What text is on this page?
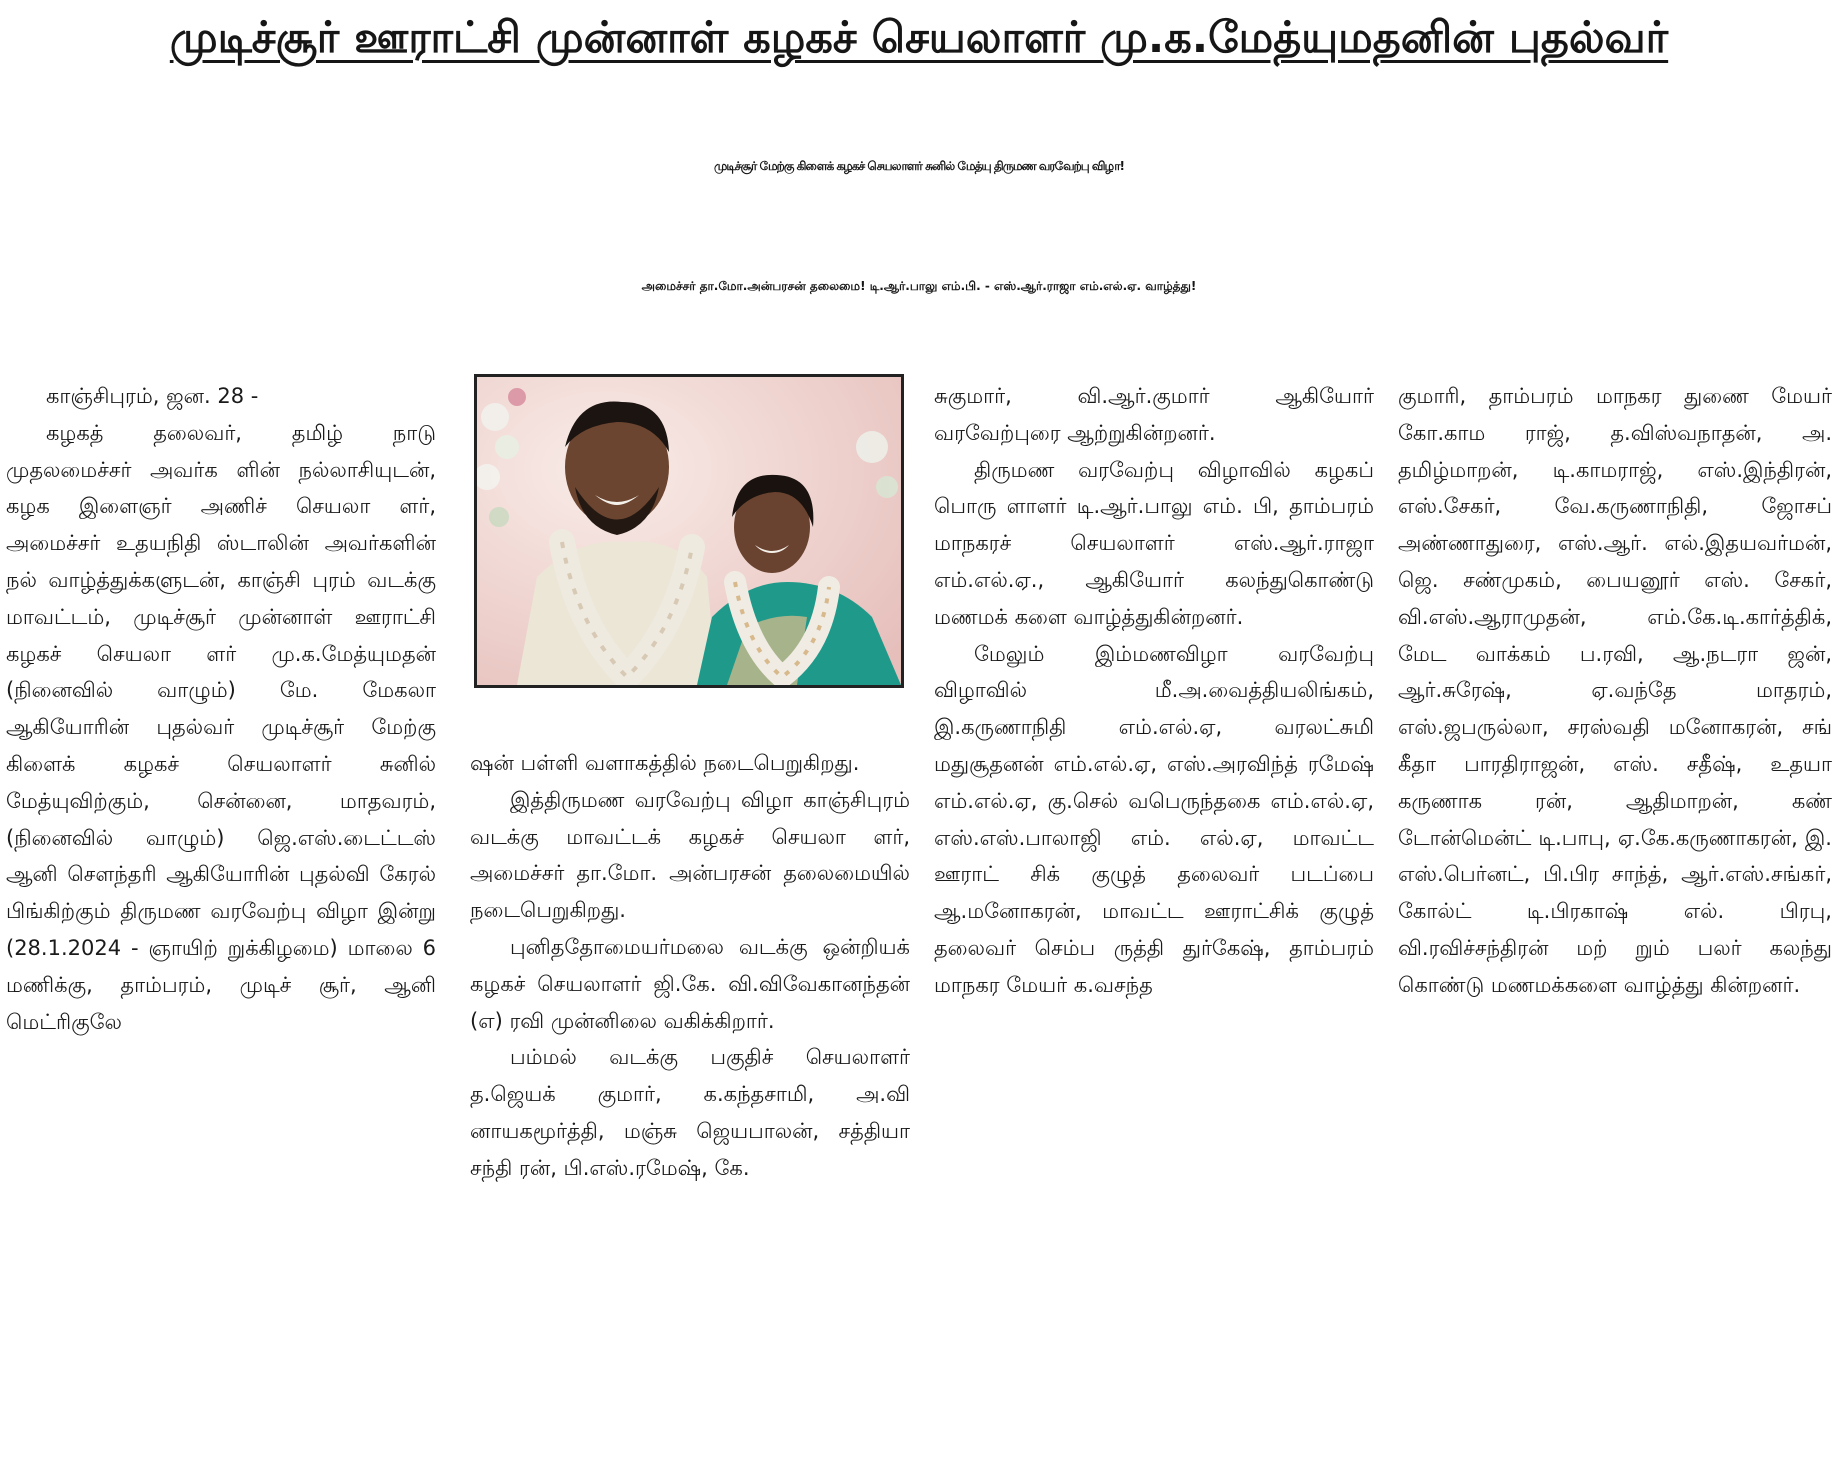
முடிச்சூர் ஊராட்சி முன்னாள் கழகச் செயலாளர் மு.க.மேத்யுமதனின் புதல்வர்
முடிச்சூர் மேற்கு கிளைக் கழகச் செயலாளர் சுனில் மேத்யு திருமண வரவேற்பு விழா!
அமைச்சர் தா.மோ.அன்பரசன் தலைமை! டி.ஆர்.பாலு எம்.பி. - எஸ்.ஆர்.ராஜா எம்.எல்.ஏ. வாழ்த்து!

காஞ்சிபுரம், ஜன. 28 -

கழகத் தலைவர், தமிழ் நாடு முதலமைச்சர் அவர்க ளின் நல்லாசியுடன், கழக இளைஞர் அணிச் செயலா ளர், அமைச்சர் உதயநிதி ஸ்டாலின் அவர்களின் நல் வாழ்த்துக்களுடன், காஞ்சி புரம் வடக்கு மாவட்டம், முடிச்சூர் முன்னாள் ஊராட்சி கழகச் செயலா ளர் மு.க.மேத்யுமதன் (நினைவில் வாழும்) மே. மேகலா ஆகியோரின் புதல்வர் முடிச்சூர் மேற்கு கிளைக் கழகச் செயலாளர் சுனில் மேத்யுவிற்கும், சென்னை, மாதவரம், (நினைவில் வாழும்) ஜெ.எஸ்.டைட்டஸ் ஆனி சௌந்தரி ஆகியோரின் புதல்வி கேரல் பிங்கிற்கும் திருமண வரவேற்பு விழா இன்று (28.1.2024 - ஞாயிற் றுக்கிழமை) மாலை 6 மணிக்கு, தாம்பரம், முடிச் சூர், ஆனி மெட்ரிகுலே

ஷன் பள்ளி வளாகத்தில் நடைபெறுகிறது.

இத்திருமண வரவேற்பு விழா காஞ்சிபுரம் வடக்கு மாவட்டக் கழகச் செயலா ளர், அமைச்சர் தா.மோ. அன்பரசன் தலைமையில் நடைபெறுகிறது.

புனிததோமையர்மலை வடக்கு ஒன்றியக் கழகச் செயலாளர் ஜி.கே. வி.விவேகானந்தன் (எ) ரவி முன்னிலை வகிக்கிறார்.

பம்மல் வடக்கு பகுதிச் செயலாளர் த.ஜெயக் குமார், க.கந்தசாமி, அ.வி னாயகமூர்த்தி, மஞ்சு ஜெயபாலன், சத்தியா சந்தி ரன், பி.எஸ்.ரமேஷ், கே.

சுகுமார், வி.ஆர்.குமார் ஆகியோர் வரவேற்புரை ஆற்றுகின்றனர்.

திருமண வரவேற்பு விழாவில் கழகப் பொரு ளாளர் டி.ஆர்.பாலு எம். பி, தாம்பரம் மாநகரச் செயலாளர் எஸ்.ஆர்.ராஜா எம்.எல்.ஏ., ஆகியோர் கலந்துகொண்டு மணமக் களை வாழ்த்துகின்றனர்.

மேலும் இம்மணவிழா வரவேற்பு விழாவில் மீ.அ.வைத்தியலிங்கம், இ.கருணாநிதி எம்.எல்.ஏ, வரலட்சுமி மதுசூதனன் எம்.எல்.ஏ, எஸ்.அரவிந்த் ரமேஷ் எம்.எல்.ஏ, கு.செல் வபெருந்தகை எம்.எல்.ஏ, எஸ்.எஸ்.பாலாஜி எம். எல்.ஏ, மாவட்ட ஊராட் சிக் குழுத் தலைவர் படப்பை ஆ.மனோகரன், மாவட்ட ஊராட்சிக் குழுத் தலைவர் செம்ப ருத்தி துர்கேஷ், தாம்பரம் மாநகர மேயர் க.வசந்த

குமாரி, தாம்பரம் மாநகர துணை மேயர் கோ.காம ராஜ், த.விஸ்வநாதன், அ. தமிழ்மாறன், டி.காமராஜ், எஸ்.இந்திரன், எஸ்.சேகர், வே.கருணாநிதி, ஜோசப் அண்ணாதுரை, எஸ்.ஆர். எல்.இதயவர்மன், ஜெ. சண்முகம், பையனூர் எஸ். சேகர், வி.எஸ்.ஆராமுதன், எம்.கே.டி.கார்த்திக், மேட வாக்கம் ப.ரவி, ஆ.நடரா ஜன், ஆர்.சுரேஷ், ஏ.வந்தே மாதரம், எஸ்.ஜபருல்லா, சரஸ்வதி மனோகரன், சங் கீதா பாரதிராஜன், எஸ். சதீஷ், உதயா கருணாக ரன், ஆதிமாறன், கண் டோன்மென்ட் டி.பாபு, ஏ.கே.கருணாகரன், இ. எஸ்.பெர்னட், பி.பிர சாந்த், ஆர்.எஸ்.சங்கர், கோல்ட் டி.பிரகாஷ் எல். பிரபு, வி.ரவிச்சந்திரன் மற் றும் பலர் கலந்து கொண்டு மணமக்களை வாழ்த்து கின்றனர்.
